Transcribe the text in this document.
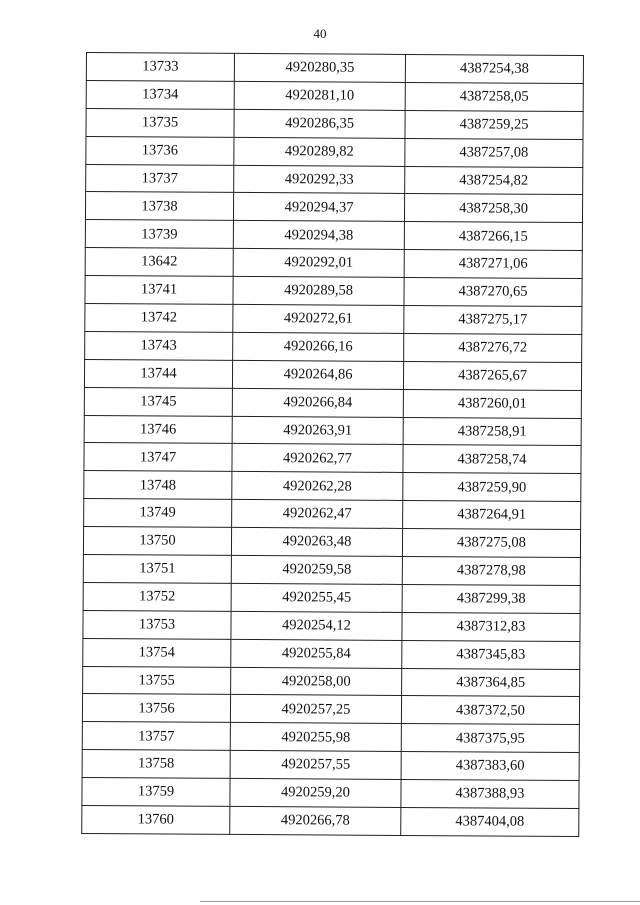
40
13733	4920280,35	4387254,38
13734	4920281,10	4387258,05
13735	4920286,35	4387259,25
13736	4920289,82	4387257,08
13737	4920292,33	4387254,82
13738	4920294,37	4387258,30
13739	4920294,38	4387266,15
13642	4920292,01	4387271,06
13741	4920289,58	4387270,65
13742	4920272,61	4387275,17
13743	4920266,16	4387276,72
13744	4920264,86	4387265,67
13745	4920266,84	4387260,01
13746	4920263,91	4387258,91
13747	4920262,77	4387258,74
13748	4920262,28	4387259,90
13749	4920262,47	4387264,91
13750	4920263,48	4387275,08
13751	4920259,58	4387278,98
13752	4920255,45	4387299,38
13753	4920254,12	4387312,83
13754	4920255,84	4387345,83
13755	4920258,00	4387364,85
13756	4920257,25	4387372,50
13757	4920255,98	4387375,95
13758	4920257,55	4387383,60
13759	4920259,20	4387388,93
13760	4920266,78	4387404,08
